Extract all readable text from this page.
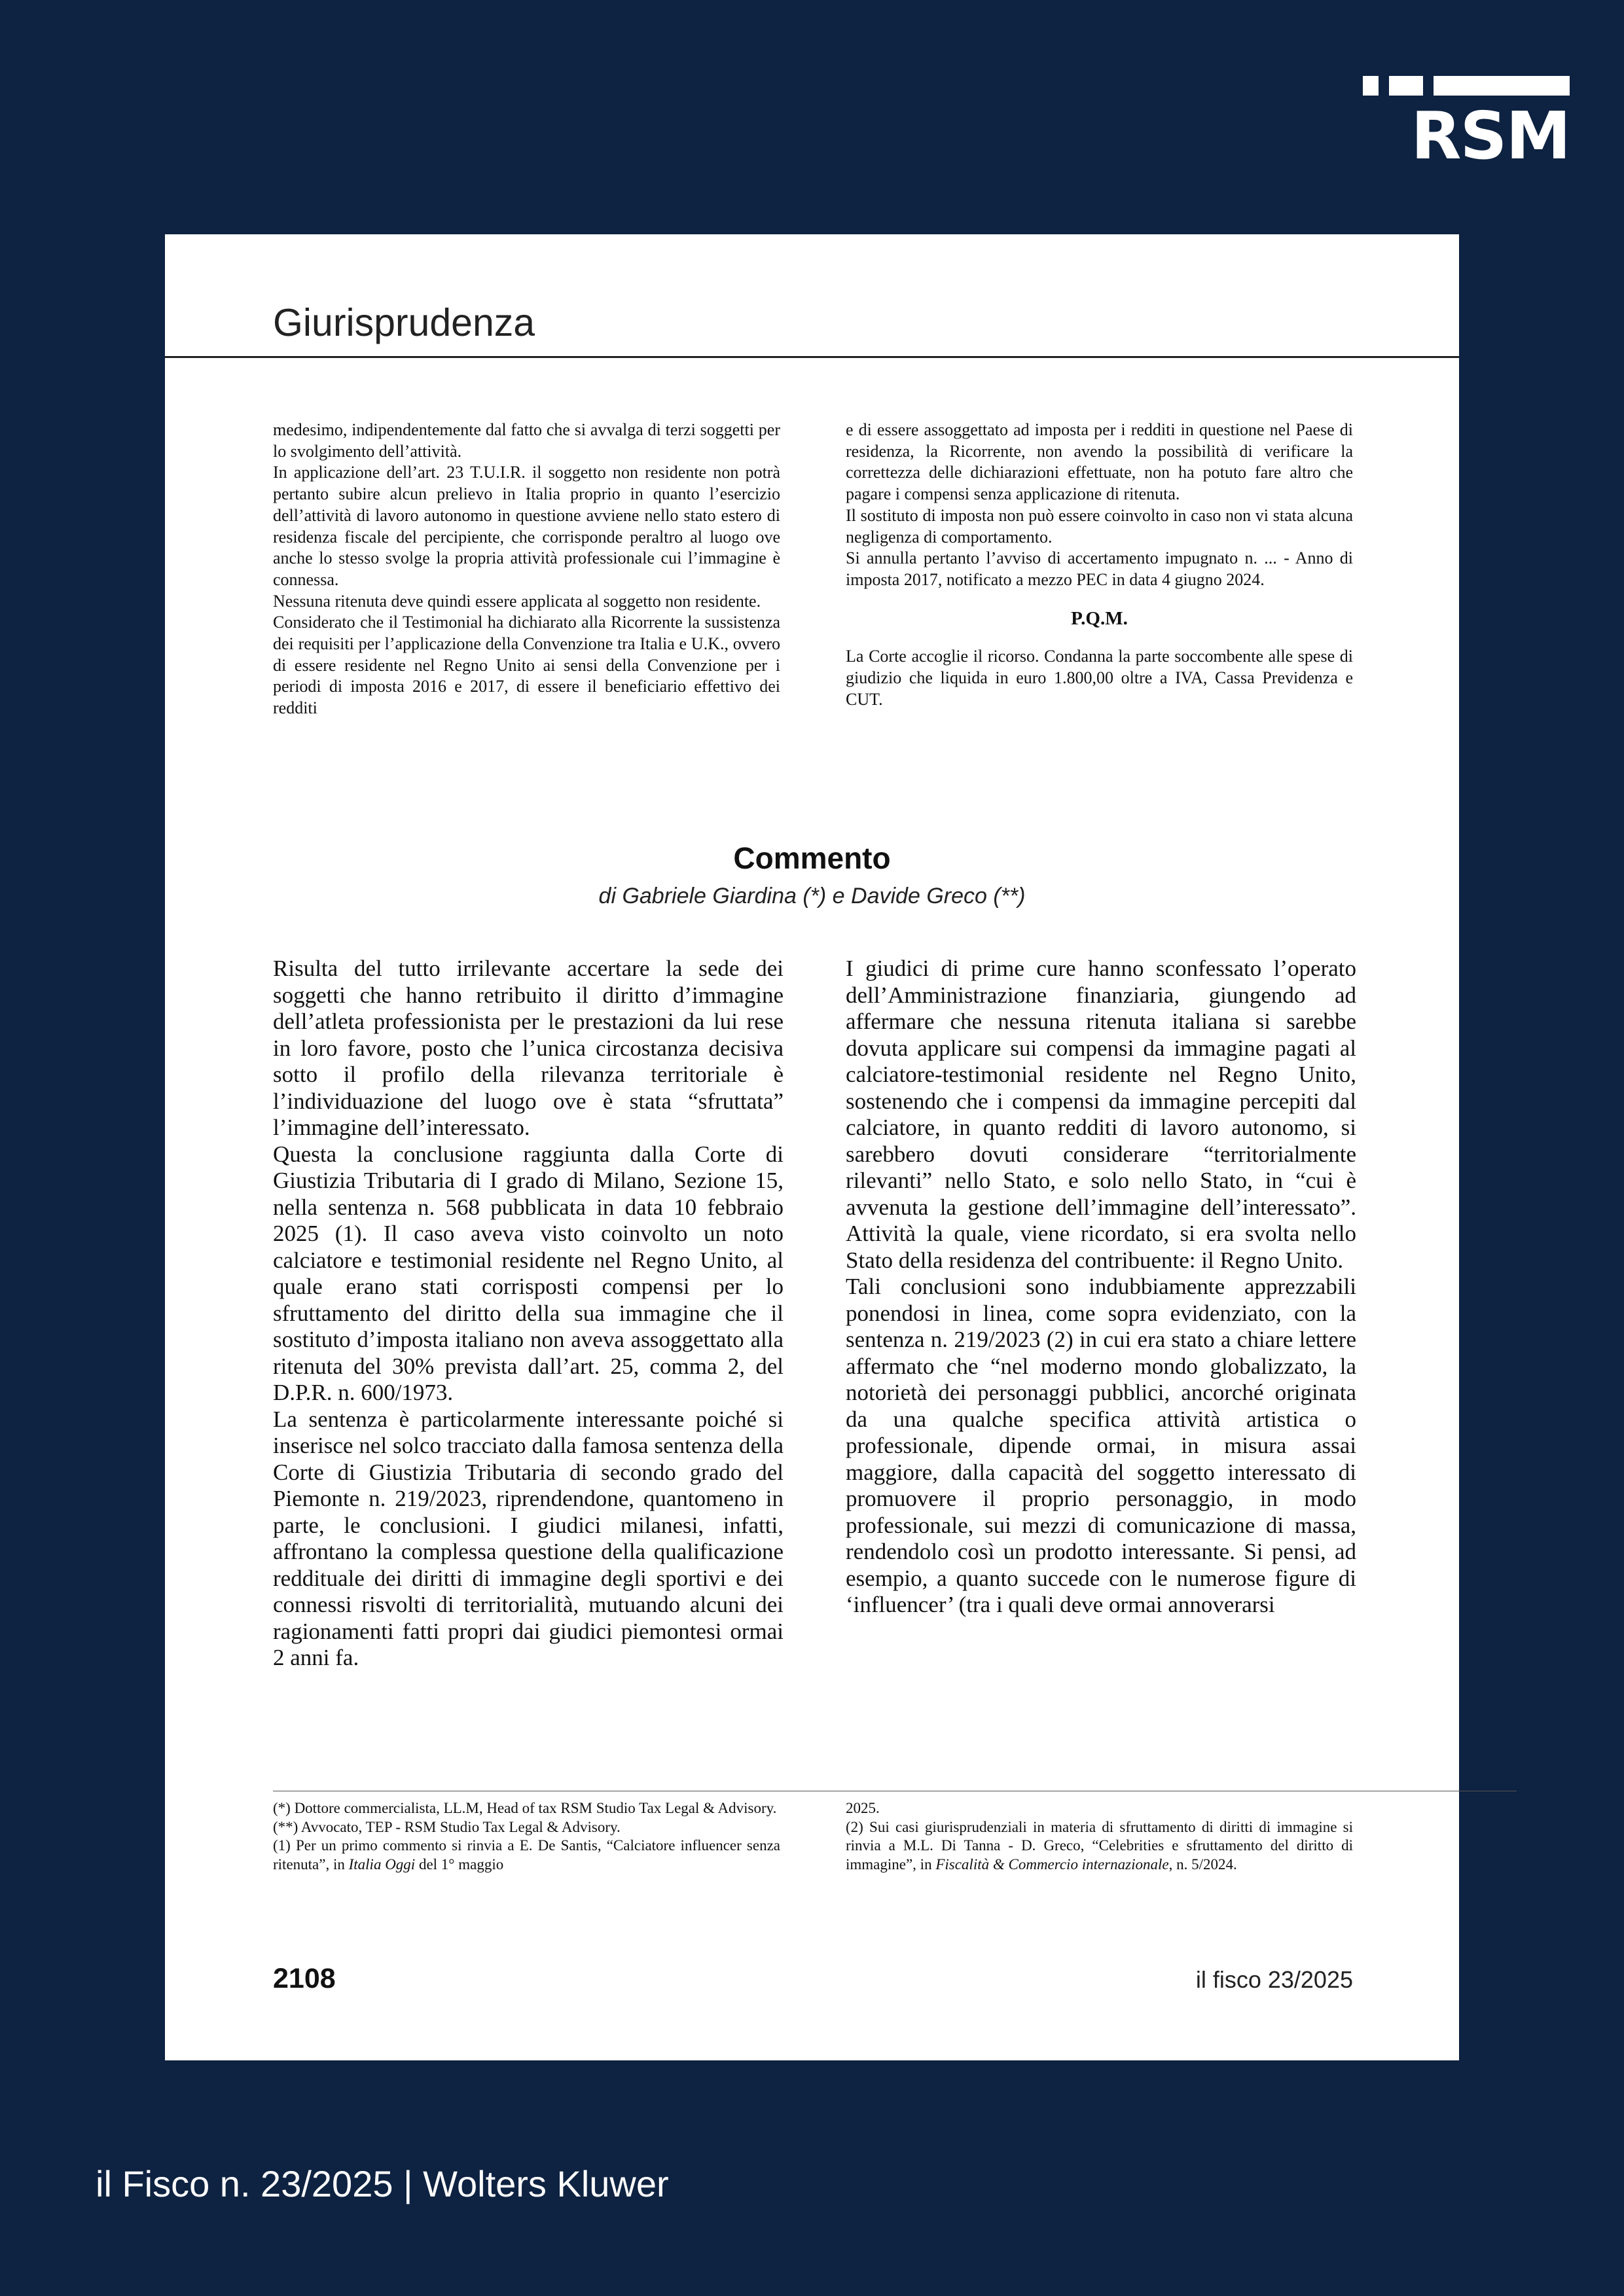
RSM
Giurisprudenza

medesimo, indipendentemente dal fatto che si avvalga di terzi soggetti per lo svolgimento dell’attività.

In applicazione dell’art. 23 T.U.I.R. il soggetto non residente non potrà pertanto subire alcun prelievo in Italia proprio in quanto l’esercizio dell’attività di lavoro autonomo in questione avviene nello stato estero di residenza fiscale del percipiente, che corrisponde peraltro al luogo ove anche lo stesso svolge la propria attività professionale cui l’immagine è connessa.

Nessuna ritenuta deve quindi essere applicata al soggetto non residente.

Considerato che il Testimonial ha dichiarato alla Ricorrente la sussistenza dei requisiti per l’applicazione della Convenzione tra Italia e U.K., ovvero di essere residente nel Regno Unito ai sensi della Convenzione per i periodi di imposta 2016 e 2017, di essere il beneficiario effettivo dei redditi

e di essere assoggettato ad imposta per i redditi in questione nel Paese di residenza, la Ricorrente, non avendo la possibilità di verificare la correttezza delle dichiarazioni effettuate, non ha potuto fare altro che pagare i compensi senza applicazione di ritenuta.

Il sostituto di imposta non può essere coinvolto in caso non vi stata alcuna negligenza di comportamento.

Si annulla pertanto l’avviso di accertamento impugnato n. ... - Anno di imposta 2017, notificato a mezzo PEC in data 4 giugno 2024.

P.Q.M.

La Corte accoglie il ricorso. Condanna la parte soccombente alle spese di giudizio che liquida in euro 1.800,00 oltre a IVA, Cassa Previdenza e CUT.

Commento
di Gabriele Giardina (*) e Davide Greco (**)

Risulta del tutto irrilevante accertare la sede dei soggetti che hanno retribuito il diritto d’immagine dell’atleta professionista per le prestazioni da lui rese in loro favore, posto che l’unica circostanza decisiva sotto il profilo della rilevanza territoriale è l’individuazione del luogo ove è stata “sfruttata” l’immagine dell’interessato.

Questa la conclusione raggiunta dalla Corte di Giustizia Tributaria di I grado di Milano, Sezione 15, nella sentenza n. 568 pubblicata in data 10 febbraio 2025 (1). Il caso aveva visto coinvolto un noto calciatore e testimonial residente nel Regno Unito, al quale erano stati corrisposti compensi per lo sfruttamento del diritto della sua immagine che il sostituto d’imposta italiano non aveva assoggettato alla ritenuta del 30% prevista dall’art. 25, comma 2, del D.P.R. n. 600/1973.

La sentenza è particolarmente interessante poiché si inserisce nel solco tracciato dalla famosa sentenza della Corte di Giustizia Tributaria di secondo grado del Piemonte n. 219/2023, riprendendone, quantomeno in parte, le conclusioni. I giudici milanesi, infatti, affrontano la complessa questione della qualificazione reddituale dei diritti di immagine degli sportivi e dei connessi risvolti di territorialità, mutuando alcuni dei ragionamenti fatti propri dai giudici piemontesi ormai 2 anni fa.

I giudici di prime cure hanno sconfessato l’operato dell’Amministrazione finanziaria, giungendo ad affermare che nessuna ritenuta italiana si sarebbe dovuta applicare sui compensi da immagine pagati al calciatore-testimonial residente nel Regno Unito, sostenendo che i compensi da immagine percepiti dal calciatore, in quanto redditi di lavoro autonomo, si sarebbero dovuti considerare “territorialmente rilevanti” nello Stato, e solo nello Stato, in “cui è avvenuta la gestione dell’immagine dell’interessato”. Attività la quale, viene ricordato, si era svolta nello Stato della residenza del contribuente: il Regno Unito.

Tali conclusioni sono indubbiamente apprezzabili ponendosi in linea, come sopra evidenziato, con la sentenza n. 219/2023 (2) in cui era stato a chiare lettere affermato che “nel moderno mondo globalizzato, la notorietà dei personaggi pubblici, ancorché originata da una qualche specifica attività artistica o professionale, dipende ormai, in misura assai maggiore, dalla capacità del soggetto interessato di promuovere il proprio personaggio, in modo professionale, sui mezzi di comunicazione di massa, rendendolo così un prodotto interessante. Si pensi, ad esempio, a quanto succede con le numerose figure di ‘influencer’ (tra i quali deve ormai annoverarsi

(*) Dottore commercialista, LL.M, Head of tax RSM Studio Tax Legal & Advisory.

(**) Avvocato, TEP - RSM Studio Tax Legal & Advisory.

(1) Per un primo commento si rinvia a E. De Santis, “Calciatore influencer senza ritenuta”, in Italia Oggi del 1° maggio

2025.

(2) Sui casi giurisprudenziali in materia di sfruttamento di diritti di immagine si rinvia a M.L. Di Tanna - D. Greco, “Celebrities e sfruttamento del diritto di immagine”, in Fiscalità & Commercio internazionale, n. 5/2024.

2108	il fisco 23/2025
il Fisco n. 23/2025 | Wolters Kluwer
